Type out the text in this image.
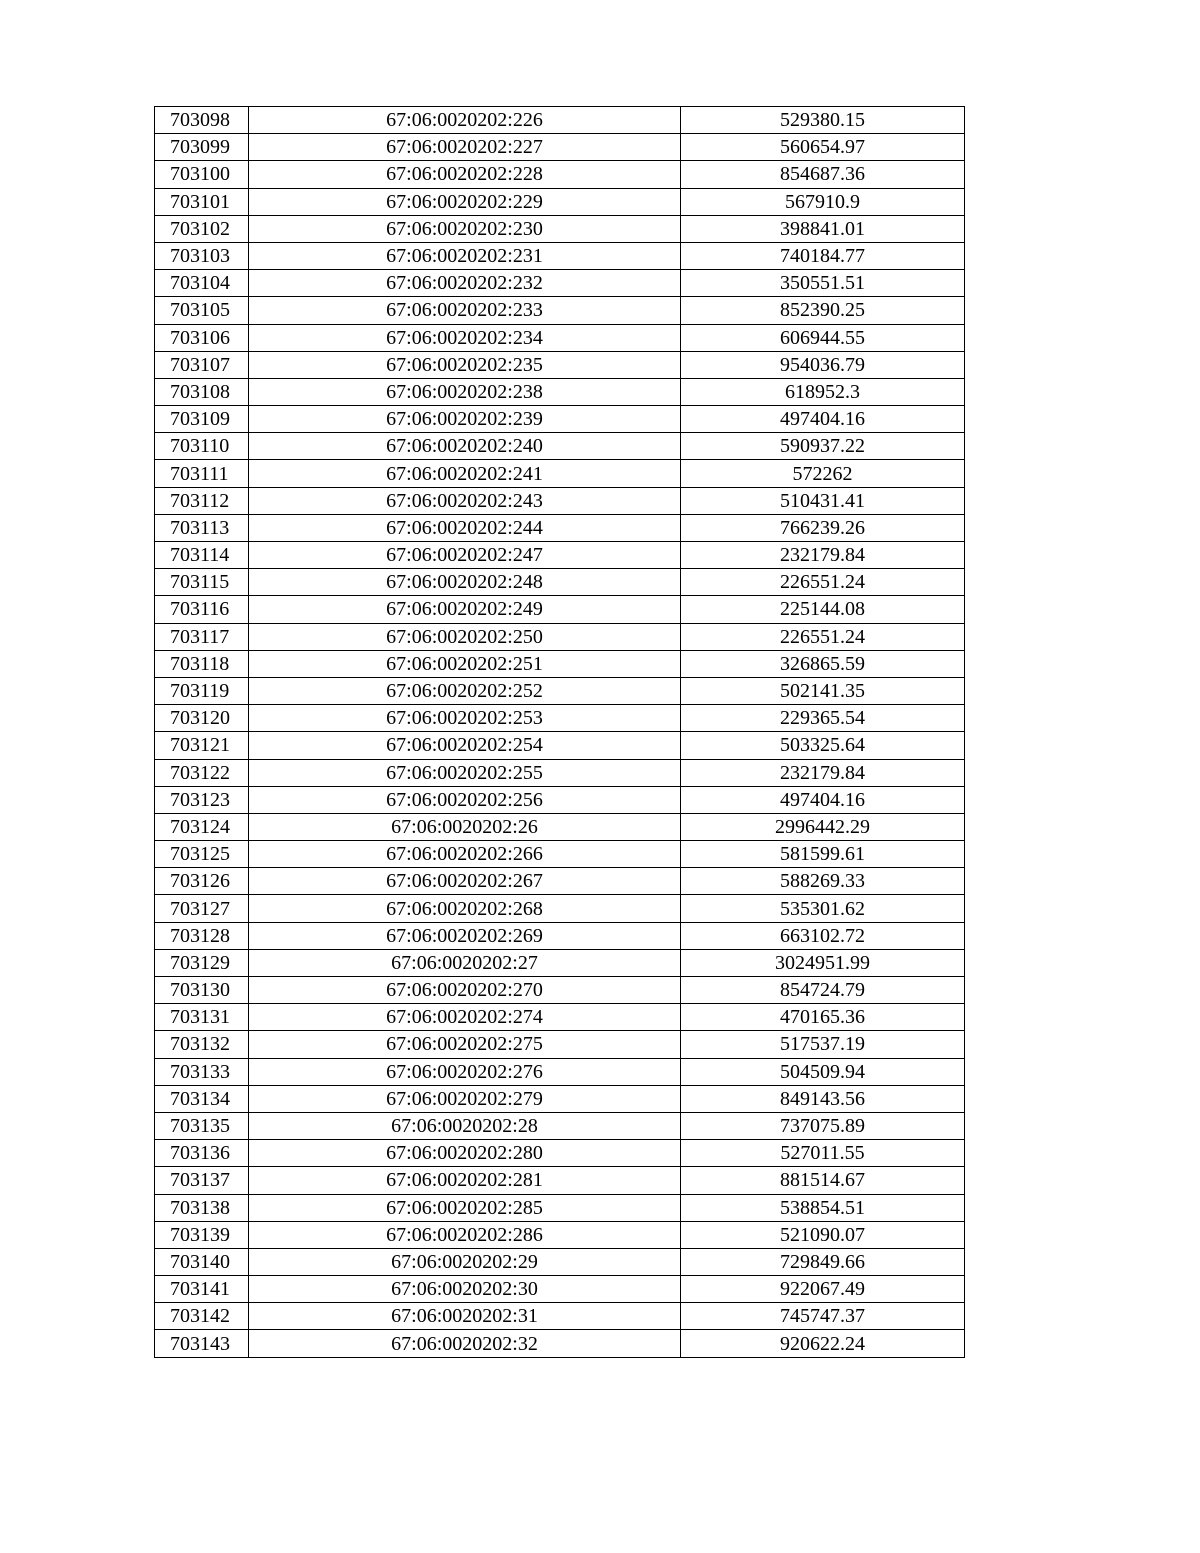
703098	67:06:0020202:226	529380.15
703099	67:06:0020202:227	560654.97
703100	67:06:0020202:228	854687.36
703101	67:06:0020202:229	567910.9
703102	67:06:0020202:230	398841.01
703103	67:06:0020202:231	740184.77
703104	67:06:0020202:232	350551.51
703105	67:06:0020202:233	852390.25
703106	67:06:0020202:234	606944.55
703107	67:06:0020202:235	954036.79
703108	67:06:0020202:238	618952.3
703109	67:06:0020202:239	497404.16
703110	67:06:0020202:240	590937.22
703111	67:06:0020202:241	572262
703112	67:06:0020202:243	510431.41
703113	67:06:0020202:244	766239.26
703114	67:06:0020202:247	232179.84
703115	67:06:0020202:248	226551.24
703116	67:06:0020202:249	225144.08
703117	67:06:0020202:250	226551.24
703118	67:06:0020202:251	326865.59
703119	67:06:0020202:252	502141.35
703120	67:06:0020202:253	229365.54
703121	67:06:0020202:254	503325.64
703122	67:06:0020202:255	232179.84
703123	67:06:0020202:256	497404.16
703124	67:06:0020202:26	2996442.29
703125	67:06:0020202:266	581599.61
703126	67:06:0020202:267	588269.33
703127	67:06:0020202:268	535301.62
703128	67:06:0020202:269	663102.72
703129	67:06:0020202:27	3024951.99
703130	67:06:0020202:270	854724.79
703131	67:06:0020202:274	470165.36
703132	67:06:0020202:275	517537.19
703133	67:06:0020202:276	504509.94
703134	67:06:0020202:279	849143.56
703135	67:06:0020202:28	737075.89
703136	67:06:0020202:280	527011.55
703137	67:06:0020202:281	881514.67
703138	67:06:0020202:285	538854.51
703139	67:06:0020202:286	521090.07
703140	67:06:0020202:29	729849.66
703141	67:06:0020202:30	922067.49
703142	67:06:0020202:31	745747.37
703143	67:06:0020202:32	920622.24
